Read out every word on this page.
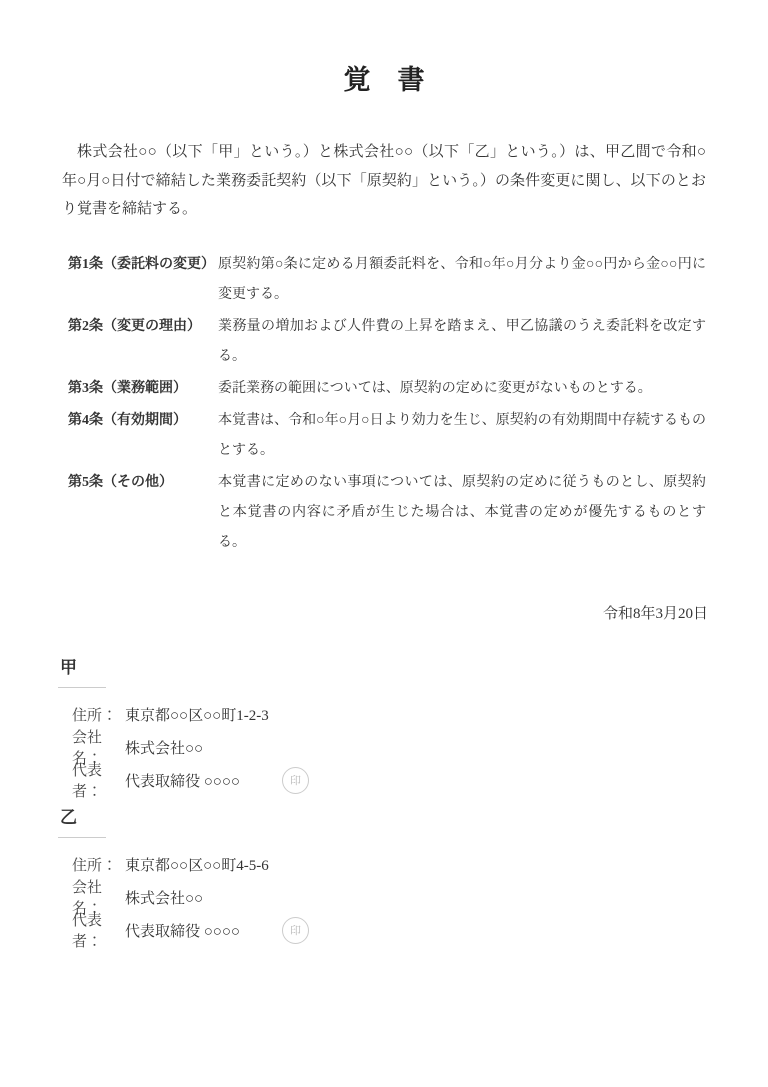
覚　書

株式会社○○（以下「甲」という。）と株式会社○○（以下「乙」という。）は、甲乙間で令和○年○月○日付で締結した業務委託契約（以下「原契約」という。）の条件変更に関し、以下のとおり覚書を締結する。

第1条（委託料の変更） 原契約第○条に定める月額委託料を、令和○年○月分より金○○円から金○○円に変更する。
第2条（変更の理由）	業務量の増加および人件費の上昇を踏まえ、甲乙協議のうえ委託料を改定する。
第3条（業務範囲）	委託業務の範囲については、原契約の定めに変更がないものとする。
第4条（有効期間）	本覚書は、令和○年○月○日より効力を生じ、原契約の有効期間中存続するものとする。
第5条（その他）	本覚書に定めのない事項については、原契約の定めに従うものとし、原契約と本覚書の内容に矛盾が生じた場合は、本覚書の定めが優先するものとする。
令和8年3月20日
甲
住所： 東京都○○区○○町1-2-3
会社名：
株式会社○○
代表者：
代表取締役 ○○○○	印
乙
住所： 東京都○○区○○町4-5-6
会社名：
株式会社○○
代表者：
代表取締役 ○○○○	印
